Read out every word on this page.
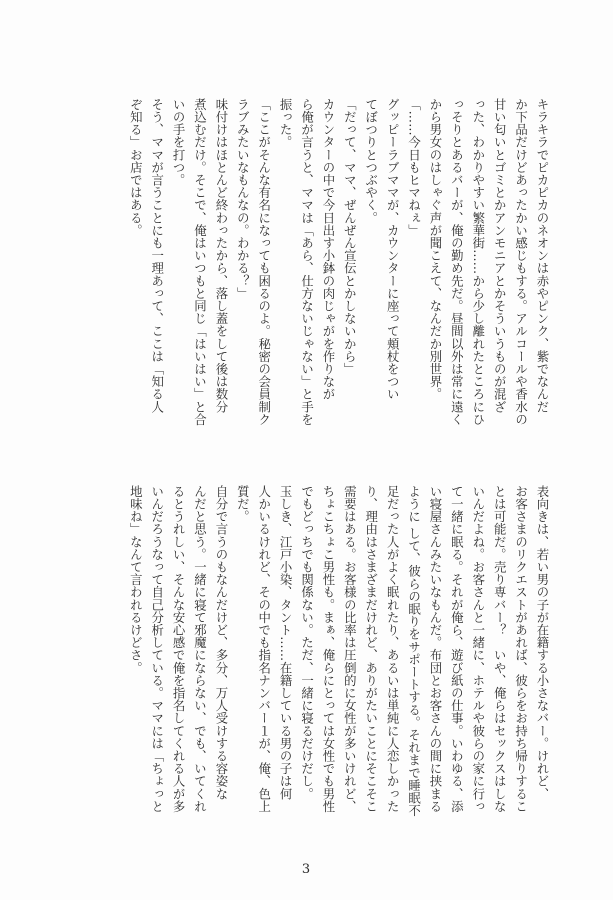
キラキラでピカピカのネオンは赤やピンク、紫でなんだ
か下品だけどあったかい感じもする。アルコールや香水の
甘い匂いとゴミとかアンモニアとかそういうものが混ざ
った、わかりやすい繁華街……から少し離れたところにひ
っそりとあるバーが、俺の勤め先だ。昼間以外は常に遠く
から男女のはしゃぐ声が聞こえて、なんだか別世界。
「……今日もヒマねぇ」
グッピーラブママが、カウンターに座って頬杖をつい
てぼつりとつぶやく。
「だって、ママ、ぜんぜん宣伝とかしないから」
カウンターの中で今日出す小鉢の肉じゃがを作りなが
ら俺が言うと、ママは「あら、仕方ないじゃない」と手を
振った。
「ここがそんな有名になっても困るのよ。秘密の会員制ク
ラブみたいなもんなの。わかる？」
味付けはほとんど終わったから、落し蓋をして後は数分
煮込むだけ。そこで、俺はいつもと同じ「はいはい」と合
いの手を打つ。
そう、ママが言うことにも一理あって、ここは「知る人
ぞ知る」お店ではある。
表向きは、若い男の子が在籍する小さなバー。けれど、
お客さまのリクエストがあれば、彼らをお持ち帰りするこ
とは可能だ。売り専バー？　いや、俺らはセックスはしな
いんだよね。お客さんと一緒に、ホテルや彼らの家に行っ
て一緒に眠る。それが俺ら、遊び紙の仕事。いわゆる、添
い寝屋さんみたいなもんだ。布団とお客さんの間に挟まる
ように して、彼らの眠りをサポートする。それまで睡眠不
足だった人がよく眠れたり、あるいは単純に人恋しかった
り、理由はさまざまだけれど、ありがたいことにそこそこ
需要はある。お客様の比率は圧倒的に女性が多いけれど、
ちょこちょこ男性も。まぁ、俺らにとっては女性でも男性
でもどっちでも関係ない。ただ、一緒に寝るだけだし。
玉しき、江戸小染、タント……在籍している男の子は何
人かいるけれど、その中でも指名ナンバー１が、俺、色上
質だ。
自分で言うのもなんだけど、多分、万人受けする容姿な
んだと思う。一緒に寝て邪魔にならない、でも、いてくれ
るとうれしい、そんな安心感で俺を指名してくれる人が多
いんだろうなって自己分析している。ママには「ちょっと
地味ね」なんて言われるけどさ。
3
